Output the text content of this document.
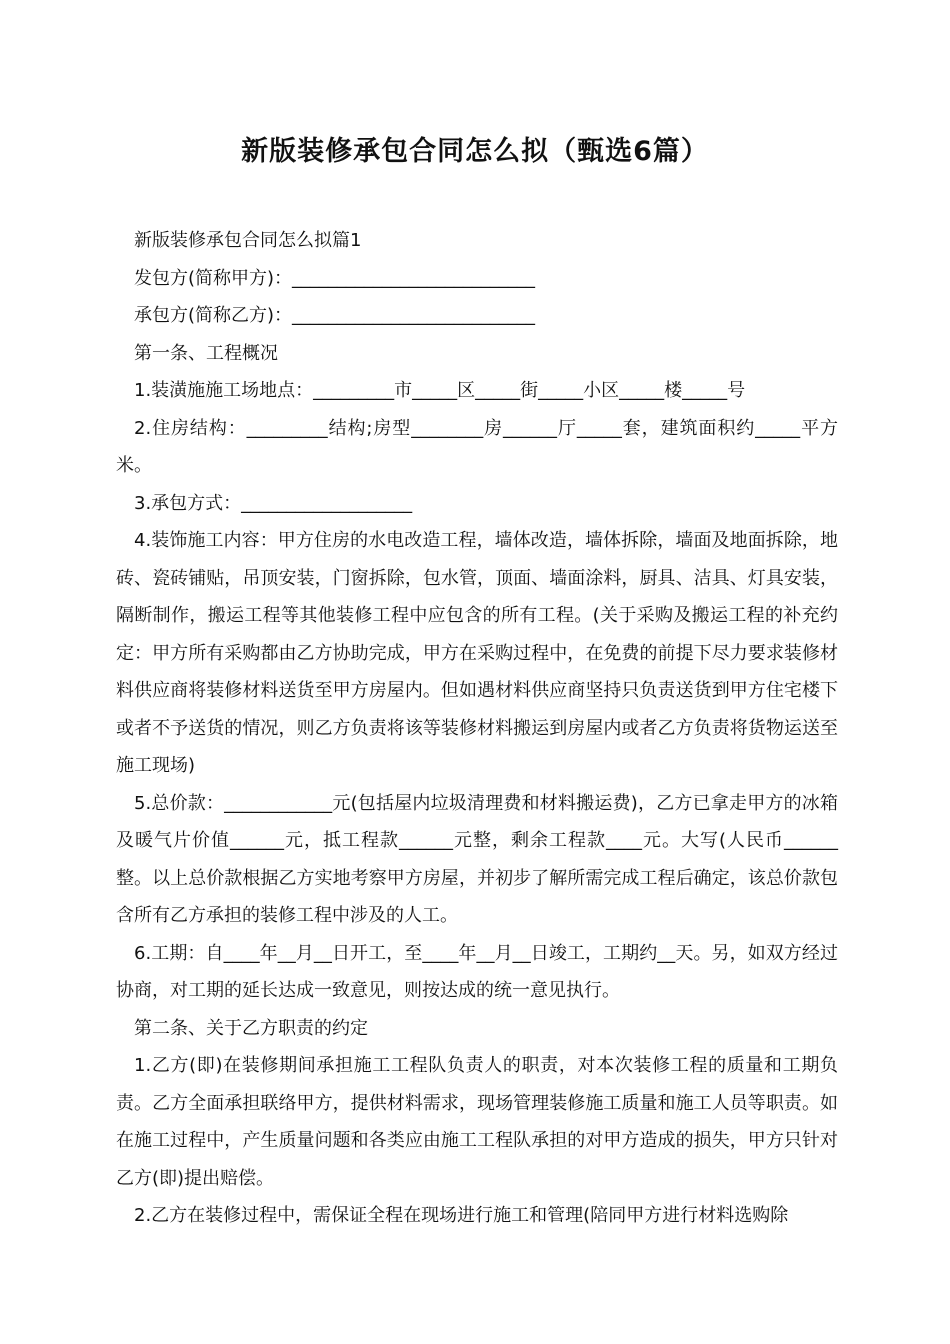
新版装修承包合同怎么拟（甄选6篇）

新版装修承包合同怎么拟篇1

发包方(简称甲方)：___________________________

承包方(简称乙方)：___________________________

第一条、工程概况

1.装潢施施工场地点：_________市_____区_____街_____小区_____楼_____号

2.住房结构：_________结构;房型________房______厅_____套，建筑面积约_____平方米。

3.承包方式：___________________

4.装饰施工内容：甲方住房的水电改造工程，墙体改造，墙体拆除，墙面及地面拆除，地砖、瓷砖铺贴，吊顶安装，门窗拆除，包水管，顶面、墙面涂料，厨具、洁具、灯具安装，隔断制作，搬运工程等其他装修工程中应包含的所有工程。(关于采购及搬运工程的补充约定：甲方所有采购都由乙方协助完成，甲方在采购过程中，在免费的前提下尽力要求装修材料供应商将装修材料送货至甲方房屋内。但如遇材料供应商坚持只负责送货到甲方住宅楼下或者不予送货的情况，则乙方负责将该等装修材料搬运到房屋内或者乙方负责将货物运送至施工现场)

5.总价款：____________元(包括屋内垃圾清理费和材料搬运费)，乙方已拿走甲方的冰箱及暖气片价值______元，抵工程款______元整，剩余工程款____元。大写(人民币______整。以上总价款根据乙方实地考察甲方房屋，并初步了解所需完成工程后确定，该总价款包含所有乙方承担的装修工程中涉及的人工。

6.工期：自____年__月__日开工，至____年__月__日竣工，工期约__天。另，如双方经过协商，对工期的延长达成一致意见，则按达成的统一意见执行。

第二条、关于乙方职责的约定

1.乙方(即)在装修期间承担施工工程队负责人的职责，对本次装修工程的质量和工期负责。乙方全面承担联络甲方，提供材料需求，现场管理装修施工质量和施工人员等职责。如在施工过程中，产生质量问题和各类应由施工工程队承担的对甲方造成的损失，甲方只针对乙方(即)提出赔偿。

2.乙方在装修过程中，需保证全程在现场进行施工和管理(陪同甲方进行材料选购除
